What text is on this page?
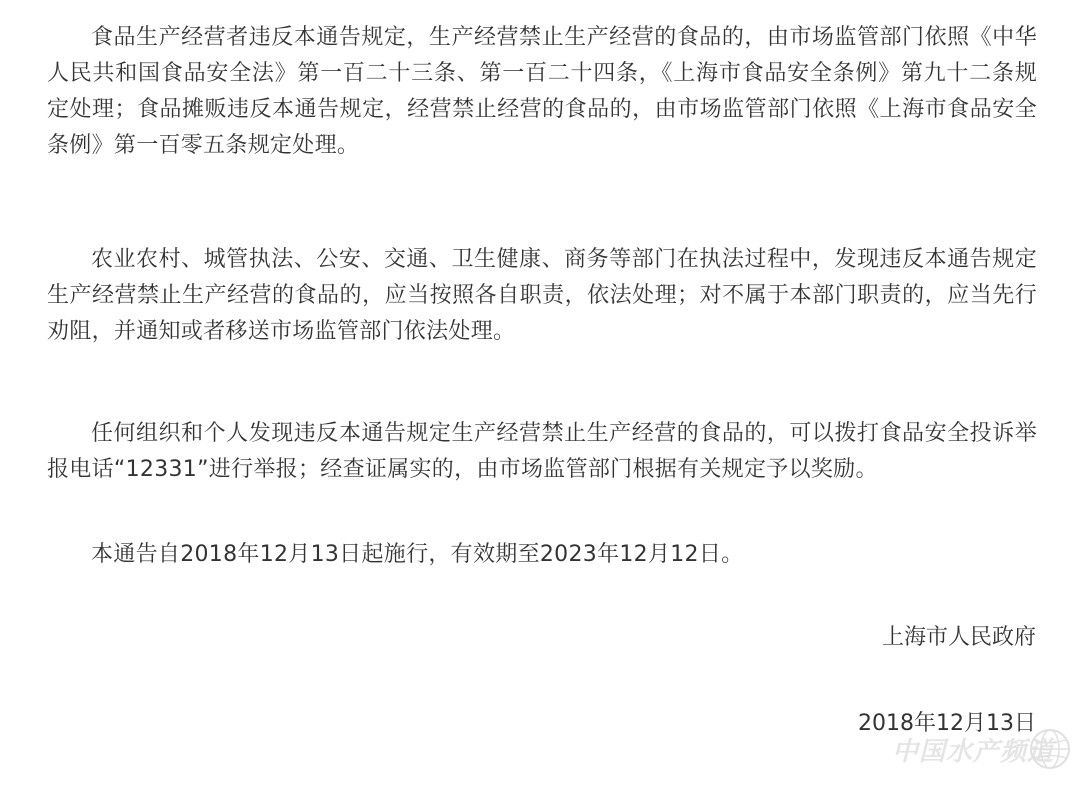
食品生产经营者违反本通告规定，生产经营禁止生产经营的食品的，由市场监管部门依照《中华人民共和国食品安全法》第一百二十三条、第一百二十四条，《上海市食品安全条例》第九十二条规定处理；食品摊贩违反本通告规定，经营禁止经营的食品的，由市场监管部门依照《上海市食品安全条例》第一百零五条规定处理。

农业农村、城管执法、公安、交通、卫生健康、商务等部门在执法过程中，发现违反本通告规定生产经营禁止生产经营的食品的，应当按照各自职责，依法处理；对不属于本部门职责的，应当先行劝阻，并通知或者移送市场监管部门依法处理。

任何组织和个人发现违反本通告规定生产经营禁止生产经营的食品的，可以拨打食品安全投诉举报电话“12331”进行举报；经查证属实的，由市场监管部门根据有关规定予以奖励。

本通告自2018年12月13日起施行，有效期至2023年12月12日。

上海市人民政府
2018年12月13日
中国水产频道
